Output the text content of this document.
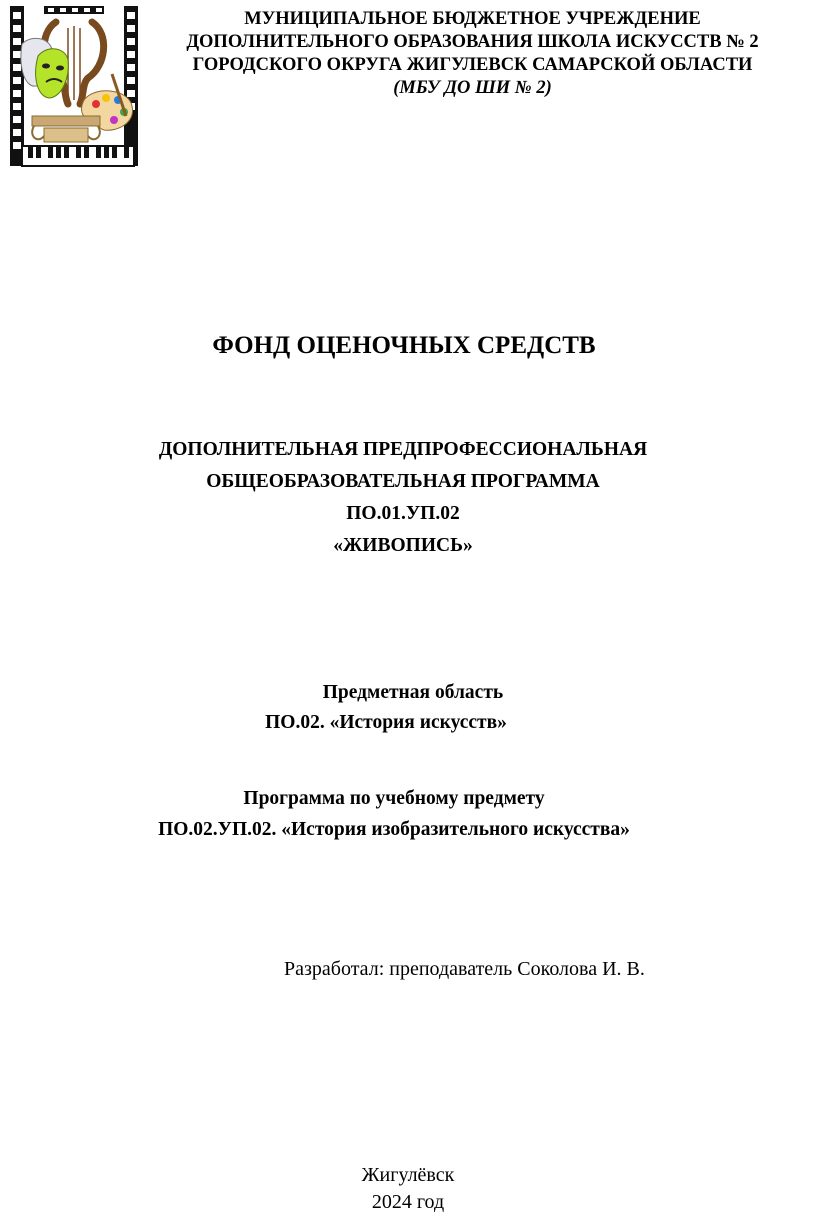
МУНИЦИПАЛЬНОЕ БЮДЖЕТНОЕ УЧРЕЖДЕНИЕ
ДОПОЛНИТЕЛЬНОГО ОБРАЗОВАНИЯ ШКОЛА ИСКУССТВ № 2
ГОРОДСКОГО ОКРУГА ЖИГУЛЕВСК САМАРСКОЙ ОБЛАСТИ
(МБУ ДО ШИ № 2)
ФОНД ОЦЕНОЧНЫХ СРЕДСТВ
ДОПОЛНИТЕЛЬНАЯ ПРЕДПРОФЕССИОНАЛЬНАЯ
ОБЩЕОБРАЗОВАТЕЛЬНАЯ ПРОГРАММА
ПО.01.УП.02
«ЖИВОПИСЬ»
Предметная область
ПО.02. «История искусств»
Программа по учебному предмету
ПО.02.УП.02. «История изобразительного искусства»
Разработал: преподаватель Соколова И. В.
Жигулёвск
2024 год
